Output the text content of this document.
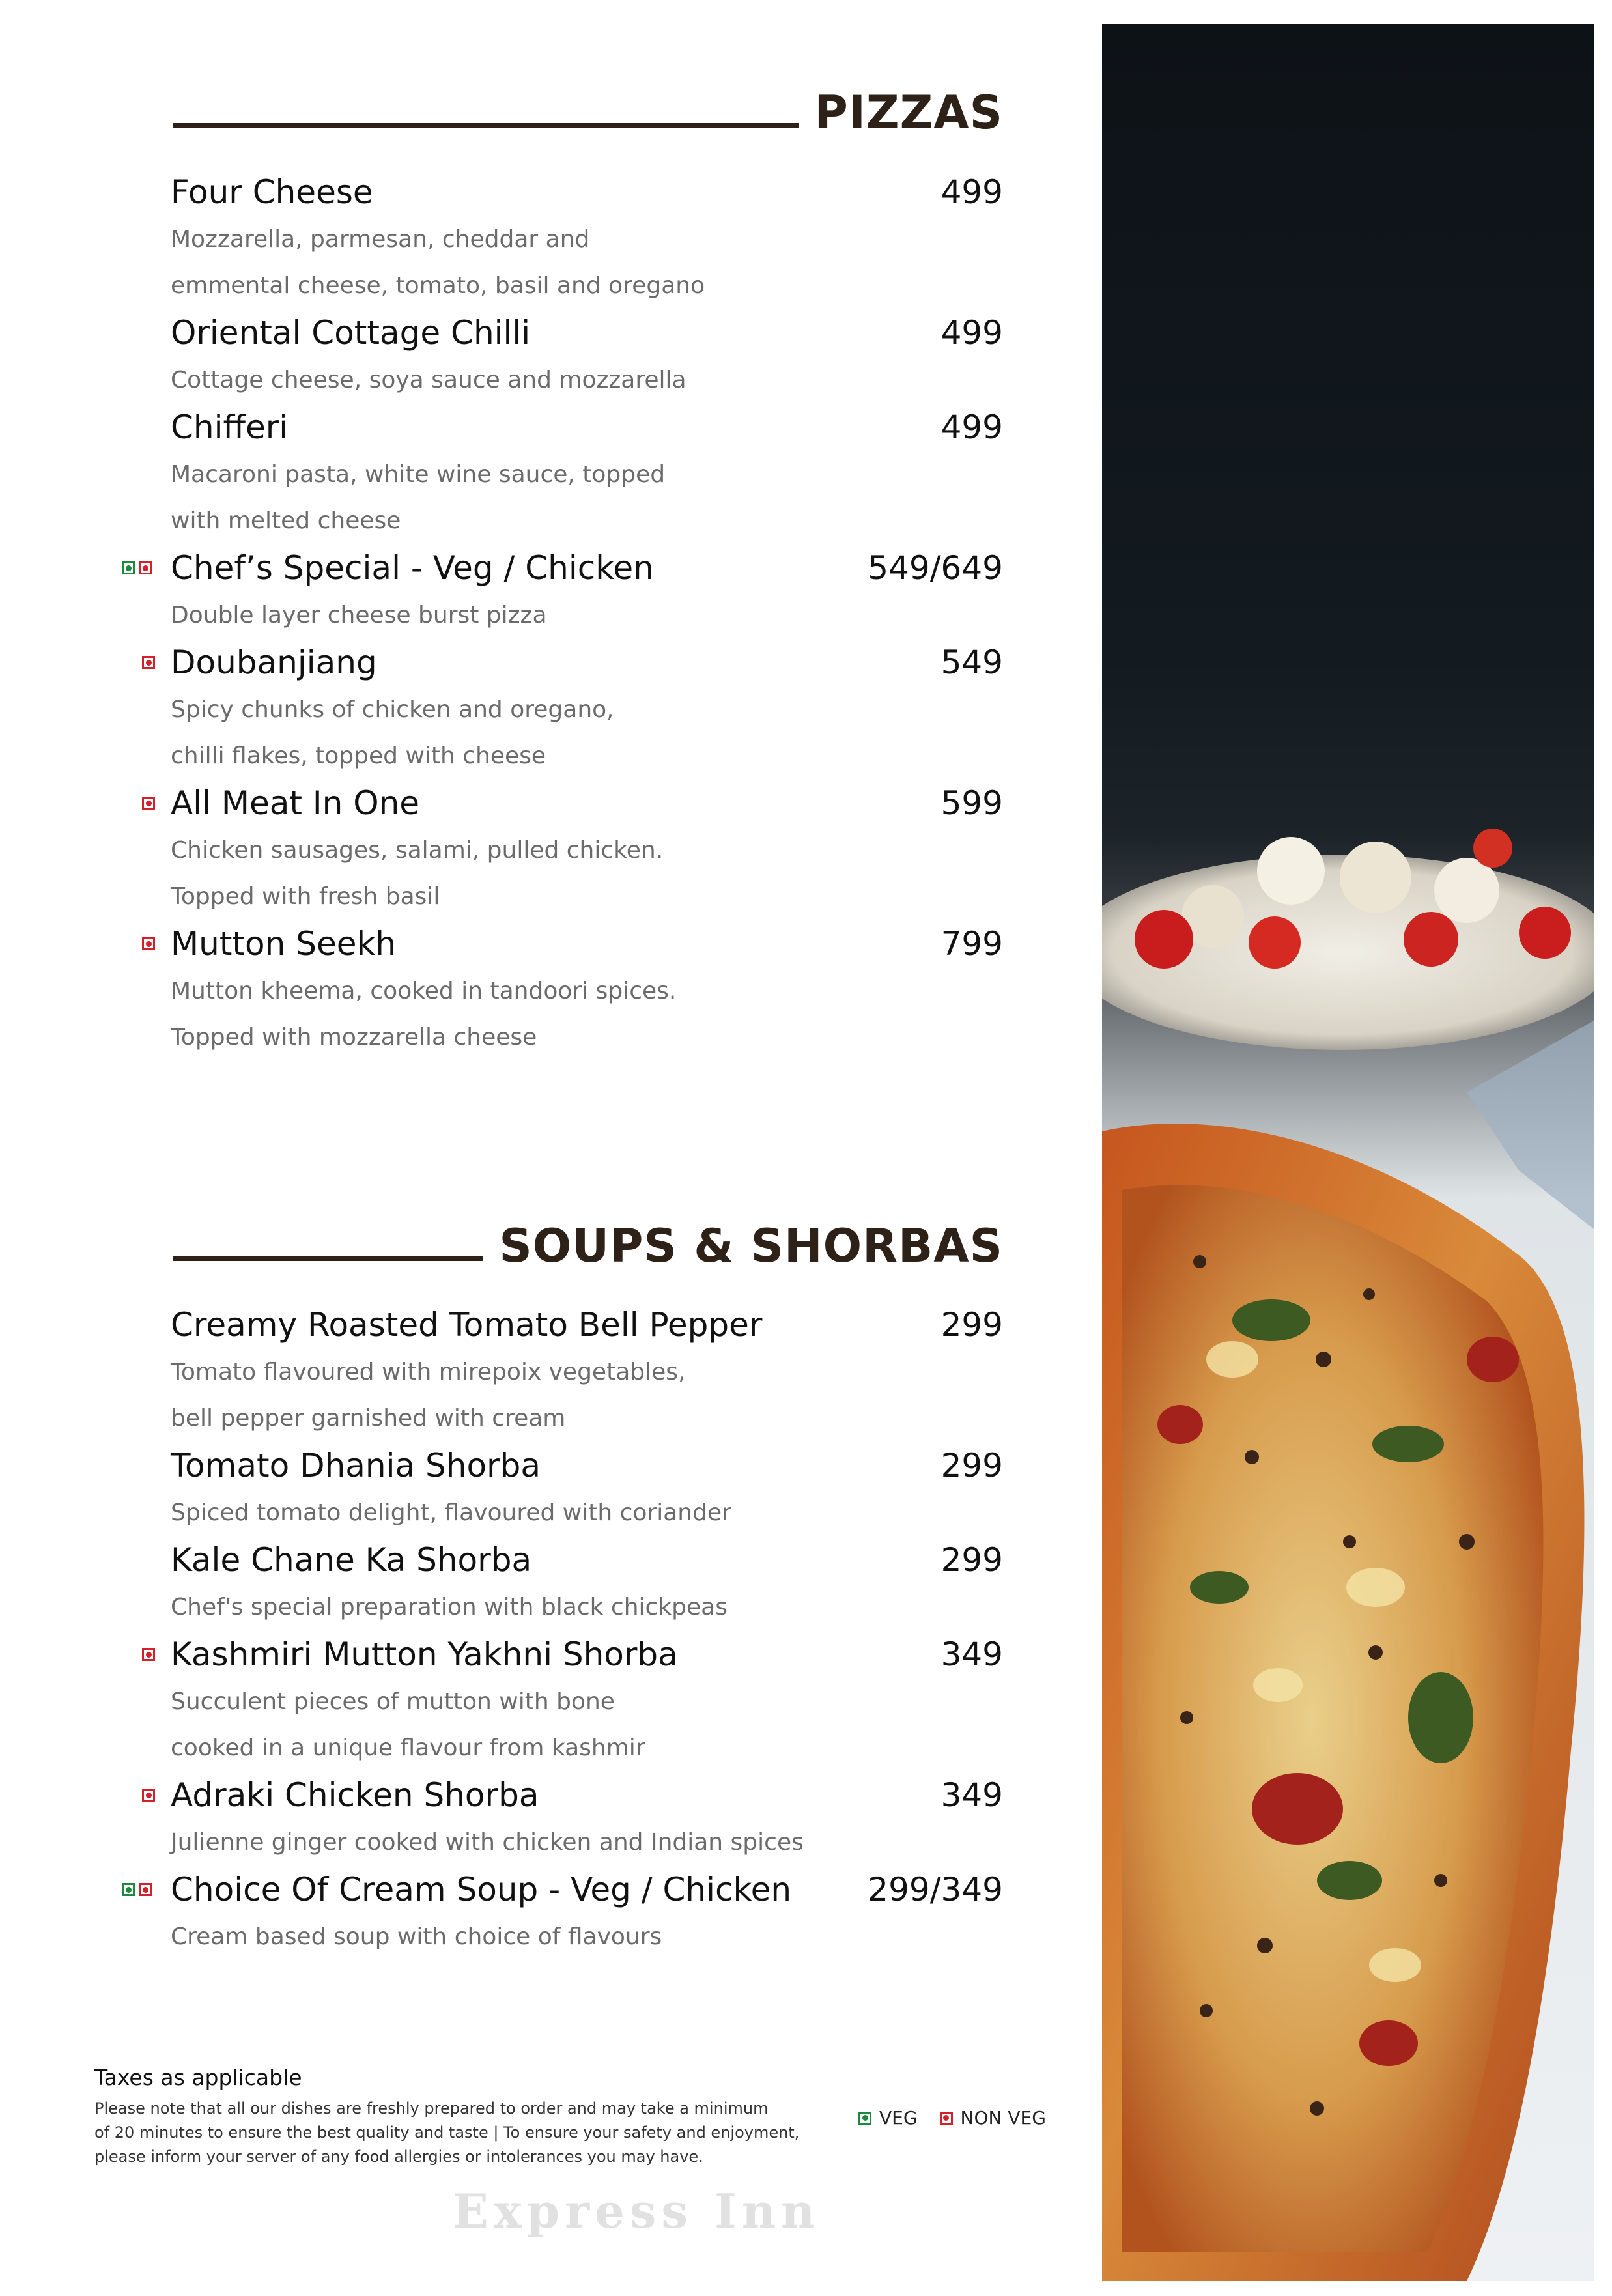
PIZZAS
Four Cheese	499
Mozzarella, parmesan, cheddar and
emmental cheese, tomato, basil and oregano
Oriental Cottage Chilli	499
Cottage cheese, soya sauce and mozzarella
Chifferi	499
Macaroni pasta, white wine sauce, topped
with melted cheese
Chef’s Special - Veg / Chicken	549/649
Double layer cheese burst pizza
Doubanjiang	549
Spicy chunks of chicken and oregano,
chilli flakes, topped with cheese
All Meat In One	599
Chicken sausages, salami, pulled chicken.
Topped with fresh basil
Mutton Seekh	799
Mutton kheema, cooked in tandoori spices.
Topped with mozzarella cheese
SOUPS & SHORBAS
Creamy Roasted Tomato Bell Pepper	299
Tomato flavoured with mirepoix vegetables,
bell pepper garnished with cream
Tomato Dhania Shorba	299
Spiced tomato delight, flavoured with coriander
Kale Chane Ka Shorba	299
Chef's special preparation with black chickpeas
Kashmiri Mutton Yakhni Shorba	349
Succulent pieces of mutton with bone
cooked in a unique flavour from kashmir
Adraki Chicken Shorba	349
Julienne ginger cooked with chicken and Indian spices
Choice Of Cream Soup - Veg / Chicken 299/349
Cream based soup with choice of flavours
Taxes as applicable
Please note that all our dishes are freshly prepared to order and may take a minimum
of 20 minutes to ensure the best quality and taste | To ensure your safety and enjoyment,
please inform your server of any food allergies or intolerances you may have.
VEG NON VEG
Express Inn
